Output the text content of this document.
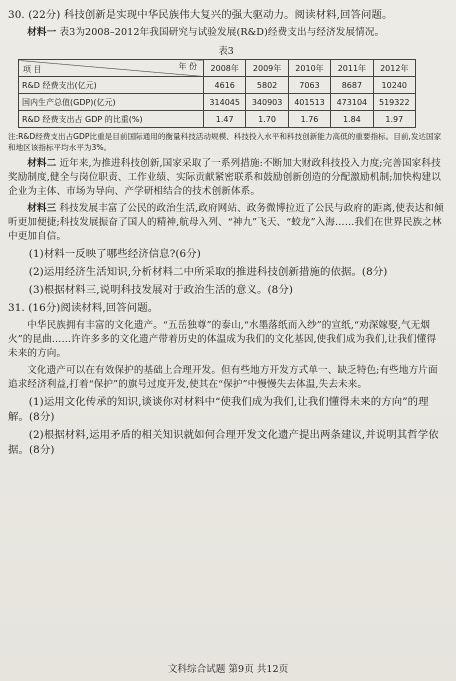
30. (22分) 科技创新是实现中华民族伟大复兴的强大驱动力。阅读材料,回答问题。

材料一 表3为2008–2012年我国研究与试验发展(R&D)经费支出与经济发展情况。

表3
项 目 年 份	2008年	2009年	2010年	2011年	2012年
R&D 经费支出(亿元)	4616	5802	7063	8687	10240
国内生产总值(GDP)(亿元)	314045	340903	401513	473104	519322
R&D 经费支出占 GDP 的比重(%)	1.47	1.70	1.76	1.84	1.97

注:R&D经费支出占GDP比重是目前国际通用的衡量科技活动规模、科技投入水平和科技创新能力高低的重要指标。目前,发达国家和地区该指标平均水平为3%。

材料二 近年来,为推进科技创新,国家采取了一系列措施:不断加大财政科技投入力度;完善国家科技奖励制度,健全与岗位职责、工作业绩、实际贡献紧密联系和鼓励创新创造的分配激励机制;加快构建以企业为主体、市场为导向、产学研相结合的技术创新体系。

材料三 科技发展丰富了公民的政治生活,政府网站、政务微博拉近了公民与政府的距离,使表达和倾听更加便捷;科技发展振奋了国人的精神,航母入列、“神九”飞天、“蛟龙”入海……我们在世界民族之林中更加自信。

(1)材料一反映了哪些经济信息?(6分)

(2)运用经济生活知识,分析材料二中所采取的推进科技创新措施的依据。(8分)

(3)根据材料三,说明科技发展对于政治生活的意义。(8分)

31. (16分)阅读材料,回答问题。

中华民族拥有丰富的文化遗产。“五岳独尊”的泰山,“水墨落纸而入纱”的宣纸,“劝深嫁娶,气无烟火”的昆曲……许许多多的文化遗产带着历史的体温成为我们的文化基因,使我们成为我们,让我们懂得未来的方向。

文化遗产可以在有效保护的基础上合理开发。但有些地方开发方式单一、缺乏特色;有些地方片面追求经济利益,打着“保护”的旗号过度开发,使其在“保护”中慢慢失去体温,失去未来。

(1)运用文化传承的知识,谈谈你对材料中“使我们成为我们,让我们懂得未来的方向”的理解。(8分)

(2)根据材料,运用矛盾的相关知识就如何合理开发文化遗产提出两条建议,并说明其哲学依据。(8分)

文科综合试题 第9页 共12页
